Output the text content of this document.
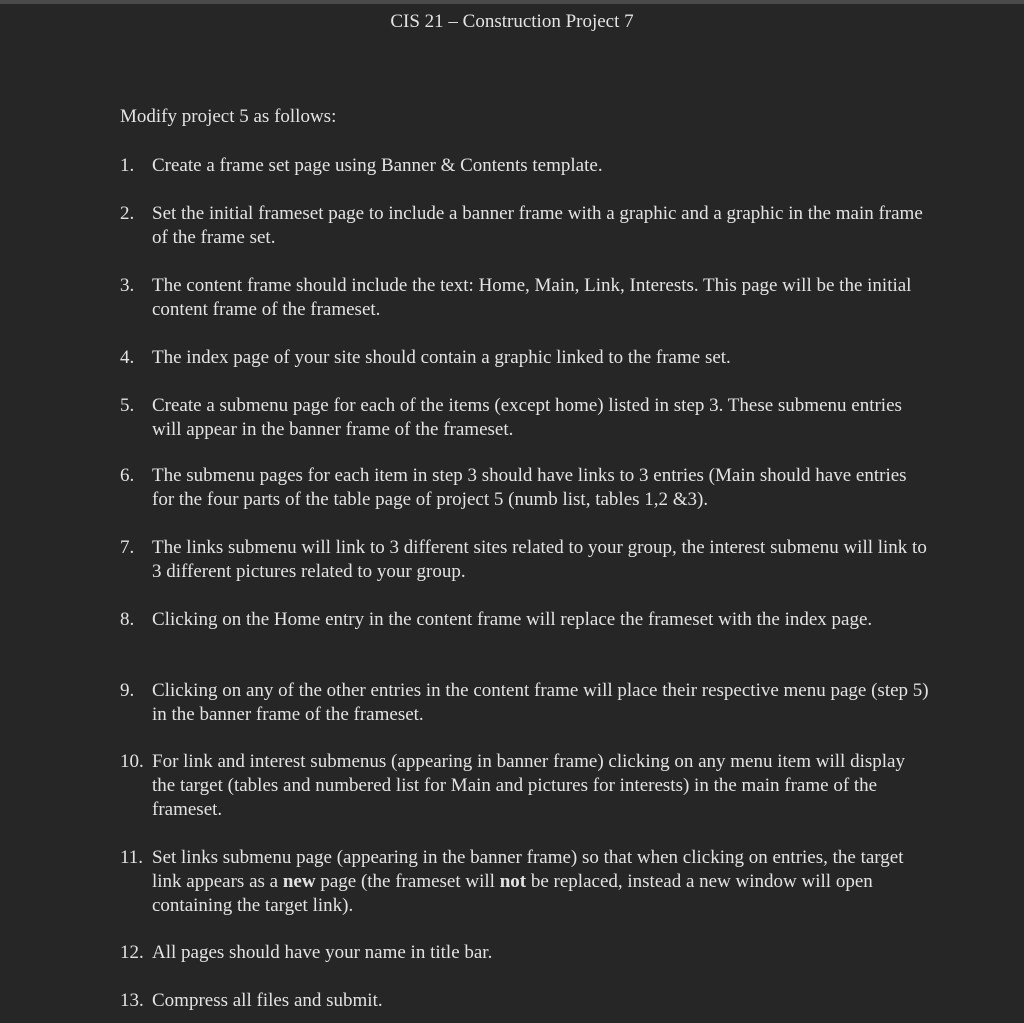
CIS 21 – Construction Project 7
Modify project 5 as follows:
1. Create a frame set page using Banner & Contents template.
2. Set the initial frameset page to include a banner frame with a graphic and a graphic in the main frame of the frame set.
3. The content frame should include the text: Home, Main, Link, Interests. This page will be the initial content frame of the frameset.
4. The index page of your site should contain a graphic linked to the frame set.
5. Create a submenu page for each of the items (except home) listed in step 3. These submenu entries will appear in the banner frame of the frameset.
6. The submenu pages for each item in step 3 should have links to 3 entries (Main should have entries for the four parts of the table page of project 5 (numb list, tables 1,2 &3).
7. The links submenu will link to 3 different sites related to your group, the interest submenu will link to 3 different pictures related to your group.
8. Clicking on the Home entry in the content frame will replace the frameset with the index page.
9. Clicking on any of the other entries in the content frame will place their respective menu page (step 5) in the banner frame of the frameset.
10. For link and interest submenus (appearing in banner frame) clicking on any menu item will display the target (tables and numbered list for Main and pictures for interests) in the main frame of the frameset.
11. Set links submenu page (appearing in the banner frame) so that when clicking on entries, the target link appears as a new page (the frameset will not be replaced, instead a new window will open containing the target link).
12. All pages should have your name in title bar.
13. Compress all files and submit.
